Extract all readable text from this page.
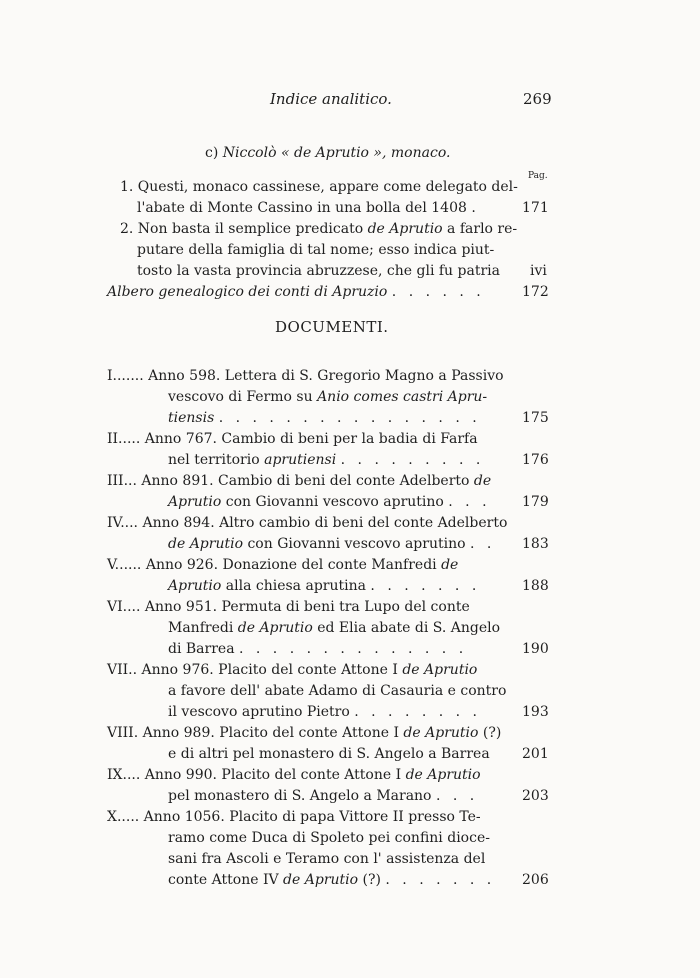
Indice analitico.	269
c) Niccolò « de Aprutio », monaco.
Pag.
1. Questi, monaco cassinese, appare come delegato del-
l'abate di Monte Cassino in una bolla del 1408 .	171
2. Non basta il semplice predicato de Aprutio a farlo re-
putare della famiglia di tal nome; esso indica piut-
tosto la vasta provincia abruzzese, che gli fu patria ivi
Albero genealogico dei conti di Apruzio . . . . . .	172
DOCUMENTI.
I....... Anno 598. Lettera di S. Gregorio Magno a Passivo
vescovo di Fermo su Anio comes castri Apru-
tiensis . . . . . . . . . . . . . . . .	175
II..... Anno 767. Cambio di beni per la badia di Farfa
nel territorio aprutiensi . . . . . . . . .	176
III... Anno 891. Cambio di beni del conte Adelberto de
Aprutio con Giovanni vescovo aprutino . . . 179
IV.... Anno 894. Altro cambio di beni del conte Adelberto
de Aprutio con Giovanni vescovo aprutino . . 183
V...... Anno 926. Donazione del conte Manfredi de
Aprutio alla chiesa aprutina . . . . . . .	188
VI.... Anno 951. Permuta di beni tra Lupo del conte
Manfredi de Aprutio ed Elia abate di S. Angelo
di Barrea . . . . . . . . . . . . . .	190
VII.. Anno 976. Placito del conte Attone I de Aprutio
a favore dell' abate Adamo di Casauria e contro
il vescovo aprutino Pietro . . . . . . . .	193
VIII. Anno 989. Placito del conte Attone I de Aprutio (?)
e di altri pel monastero di S. Angelo a Barrea 201
IX.... Anno 990. Placito del conte Attone I de Aprutio
pel monastero di S. Angelo a Marano . . .	203
X..... Anno 1056. Placito di papa Vittore II presso Te-
ramo come Duca di Spoleto pei confini dioce-
sani fra Ascoli e Teramo con l' assistenza del
conte Attone IV de Aprutio (?) . . . . . . . 206
